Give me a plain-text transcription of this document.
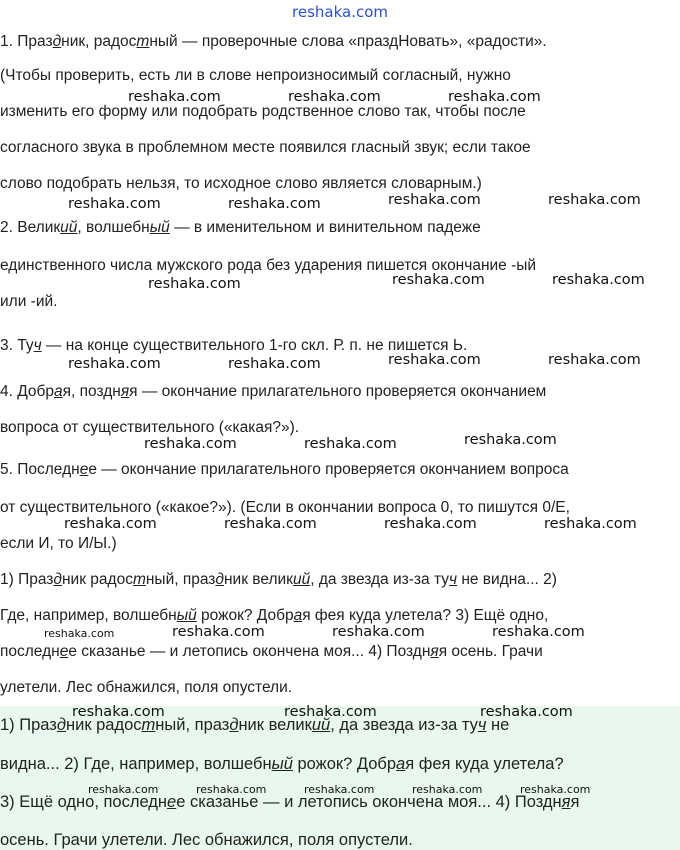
1. Праздник, радостный — проверочные слова «праздНовать», «радости».
(Чтобы проверить, есть ли в слове непроизносимый согласный, нужно
изменить его форму или подобрать родственное слово так, чтобы после
согласного звука в проблемном месте появился гласный звук; если такое
слово подобрать нельзя, то исходное слово является словарным.)
2. Великий, волшебный — в именительном и винительном падеже
единственного числа мужского рода без ударения пишется окончание -ый
или -ий.
3. Туч — на конце существительного 1-го скл. Р. п. не пишется Ь.
4. Добрая, поздняя — окончание прилагательного проверяется окончанием
вопроса от существительного («какая?»).
5. Последнее — окончание прилагательного проверяется окончанием вопроса
от существительного («какое?»). (Если в окончании вопроса 0, то пишутся 0/Е,
если И, то И/Ы.)
1) Праздник радостный, праздник великий, да звезда из-за туч не видна... 2)
Где, например, волшебный рожок? Добрая фея куда улетела? 3) Ещё одно,
последнее сказанье — и летопись окончена моя... 4) Поздняя осень. Грачи
улетели. Лес обнажился, поля опустели.
1) Праздник радостный, праздник великий, да звезда из-за туч не
видна... 2) Где, например, волшебный рожок? Добрая фея куда улетела?
3) Ещё одно, последнее сказанье — и летопись окончена моя... 4) Поздняя
осень. Грачи улетели. Лес обнажился, поля опустели.
reshaka.com
reshaka.com	reshaka.com	reshaka.com
reshaka.com	reshaka.com	reshaka.com	reshaka.com
reshaka.com	reshaka.com	reshaka.com
reshaka.com	reshaka.com	reshaka.com	reshaka.com
reshaka.com	reshaka.com	reshaka.com
reshaka.com	reshaka.com	reshaka.com	reshaka.com
reshaka.com	reshaka.com	reshaka.com	reshaka.com
reshaka.com	reshaka.com	reshaka.com
reshaka.com	reshaka.com	reshaka.com	reshaka.com	reshaka.com
